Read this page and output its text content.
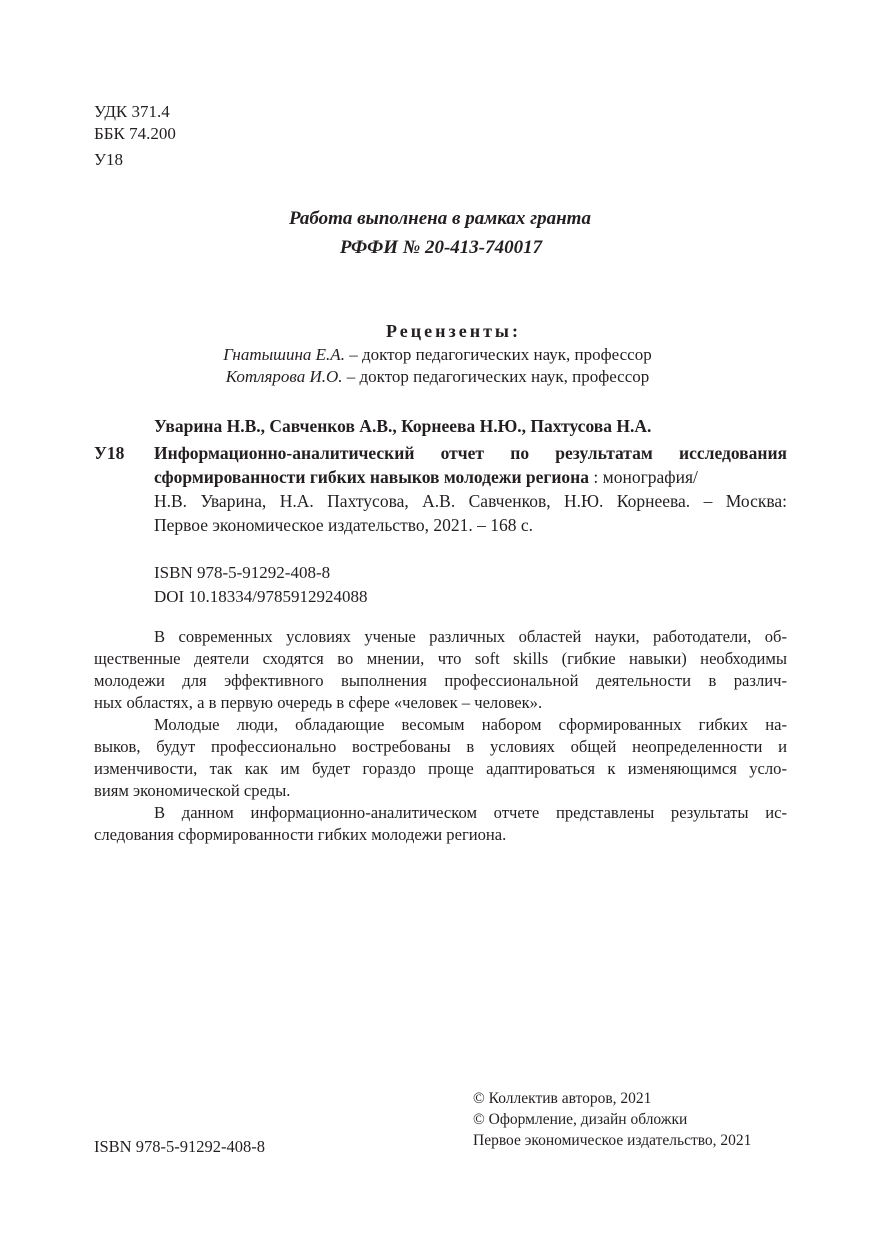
УДК 371.4
ББК 74.200
У18
Работа выполнена в рамках гранта
РФФИ № 20-413-740017
Рецензенты:
Гнатышина Е.А. – доктор педагогических наук, профессор
Котлярова И.О. – доктор педагогических наук, профессор
Уварина Н.В., Савченков А.В., Корнеева Н.Ю., Пахтусова Н.А.
У18 Информационно-аналитический отчет по результатам исследования
сформированности гибких навыков молодежи региона : монография/
Н.В. Уварина, Н.А. Пахтусова, А.В. Савченков, Н.Ю. Корнеева. – Москва:
Первое экономическое издательство, 2021. – 168 с.
ISBN 978-5-91292-408-8
DOI 10.18334/9785912924088
В современных условиях ученые различных областей науки, работодатели, об-
щественные деятели сходятся во мнении, что soft skills (гибкие навыки) необходимы
молодежи для эффективного выполнения профессиональной деятельности в различ-
ных областях, а в первую очередь в сфере «человек – человек».
Молодые люди, обладающие весомым набором сформированных гибких на-
выков, будут профессионально востребованы в условиях общей неопределенности и
изменчивости, так как им будет гораздо проще адаптироваться к изменяющимся усло-
виям экономической среды.
В данном информационно-аналитическом отчете представлены результаты ис-
следования сформированности гибких молодежи региона.
ISBN 978-5-91292-408-8
© Коллектив авторов, 2021
© Оформление, дизайн обложки
Первое экономическое издательство, 2021
